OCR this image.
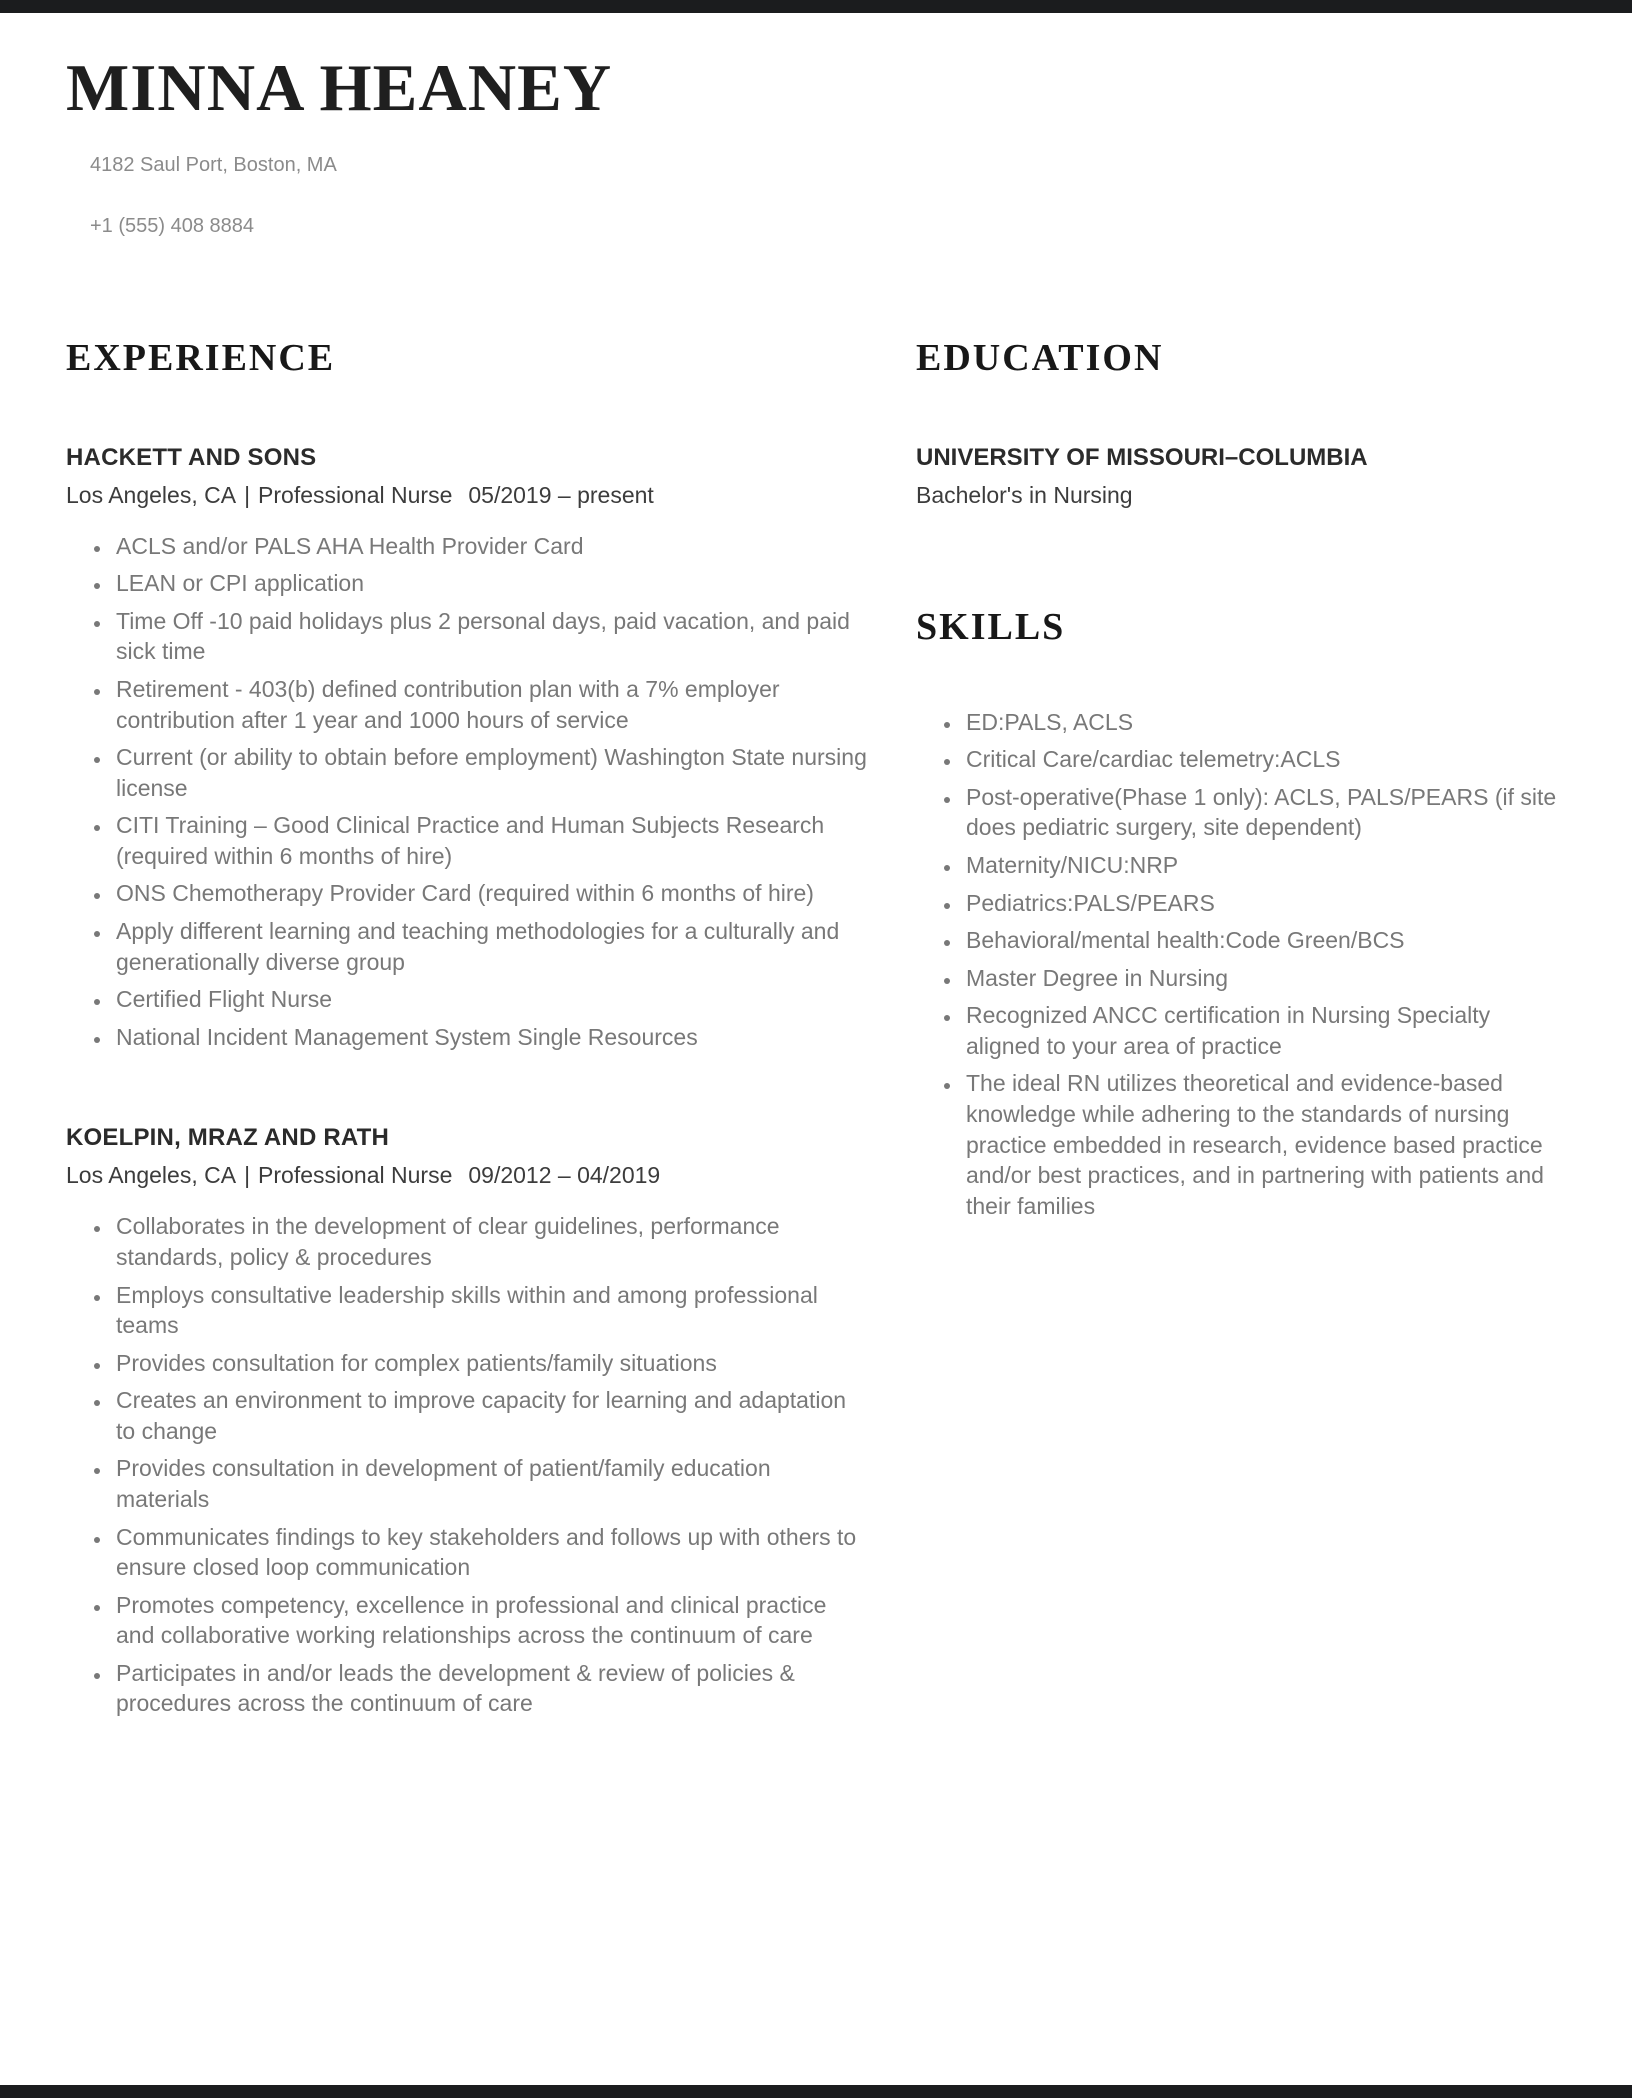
MINNA HEANEY
4182 Saul Port, Boston, MA
+1 (555) 408 8884
EXPERIENCE
HACKETT AND SONS
Los Angeles, CA | Professional Nurse 05/2019 – present
• ACLS and/or PALS AHA Health Provider Card
• LEAN or CPI application
• Time Off -10 paid holidays plus 2 personal days, paid vacation, and paid sick time
• Retirement - 403(b) defined contribution plan with a 7% employer contribution after 1 year and 1000 hours of service
• Current (or ability to obtain before employment) Washington State nursing license
• CITI Training – Good Clinical Practice and Human Subjects Research (required within 6 months of hire)
• ONS Chemotherapy Provider Card (required within 6 months of hire)
• Apply different learning and teaching methodologies for a culturally and generationally diverse group
• Certified Flight Nurse
• National Incident Management System Single Resources
KOELPIN, MRAZ AND RATH
Los Angeles, CA | Professional Nurse 09/2012 – 04/2019
• Collaborates in the development of clear guidelines, performance standards, policy & procedures
• Employs consultative leadership skills within and among professional teams
• Provides consultation for complex patients/family situations
• Creates an environment to improve capacity for learning and adaptation to change
• Provides consultation in development of patient/family education materials
• Communicates findings to key stakeholders and follows up with others to ensure closed loop communication
• Promotes competency, excellence in professional and clinical practice and collaborative working relationships across the continuum of care
• Participates in and/or leads the development & review of policies & procedures across the continuum of care
EDUCATION
UNIVERSITY OF MISSOURI–COLUMBIA
Bachelor's in Nursing
SKILLS
• ED:PALS, ACLS
• Critical Care/cardiac telemetry:ACLS
• Post-operative(Phase 1 only): ACLS, PALS/PEARS (if site does pediatric surgery, site dependent)
• Maternity/NICU:NRP
• Pediatrics:PALS/PEARS
• Behavioral/mental health:Code Green/BCS
• Master Degree in Nursing
• Recognized ANCC certification in Nursing Specialty aligned to your area of practice
• The ideal RN utilizes theoretical and evidence-based knowledge while adhering to the standards of nursing practice embedded in research, evidence based practice and/or best practices, and in partnering with patients and their families
